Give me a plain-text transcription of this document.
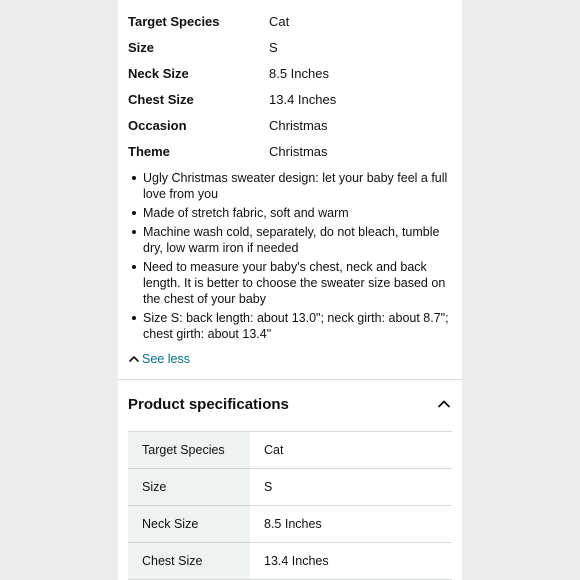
Target Species	Cat
Size	S
Neck Size	8.5 Inches
Chest Size	13.4 Inches
Occasion	Christmas
Theme	Christmas
Ugly Christmas sweater design: let your baby feel a full love from you
Made of stretch fabric, soft and warm
Machine wash cold, separately, do not bleach, tumble dry, low warm iron if needed
Need to measure your baby's chest, neck and back length. It is better to choose the sweater size based on the chest of your baby
Size S: back length: about 13.0"; neck girth: about 8.7"; chest girth: about 13.4"
See less
Product specifications
Target Species	Cat
Size	S
Neck Size	8.5 Inches
Chest Size	13.4 Inches
